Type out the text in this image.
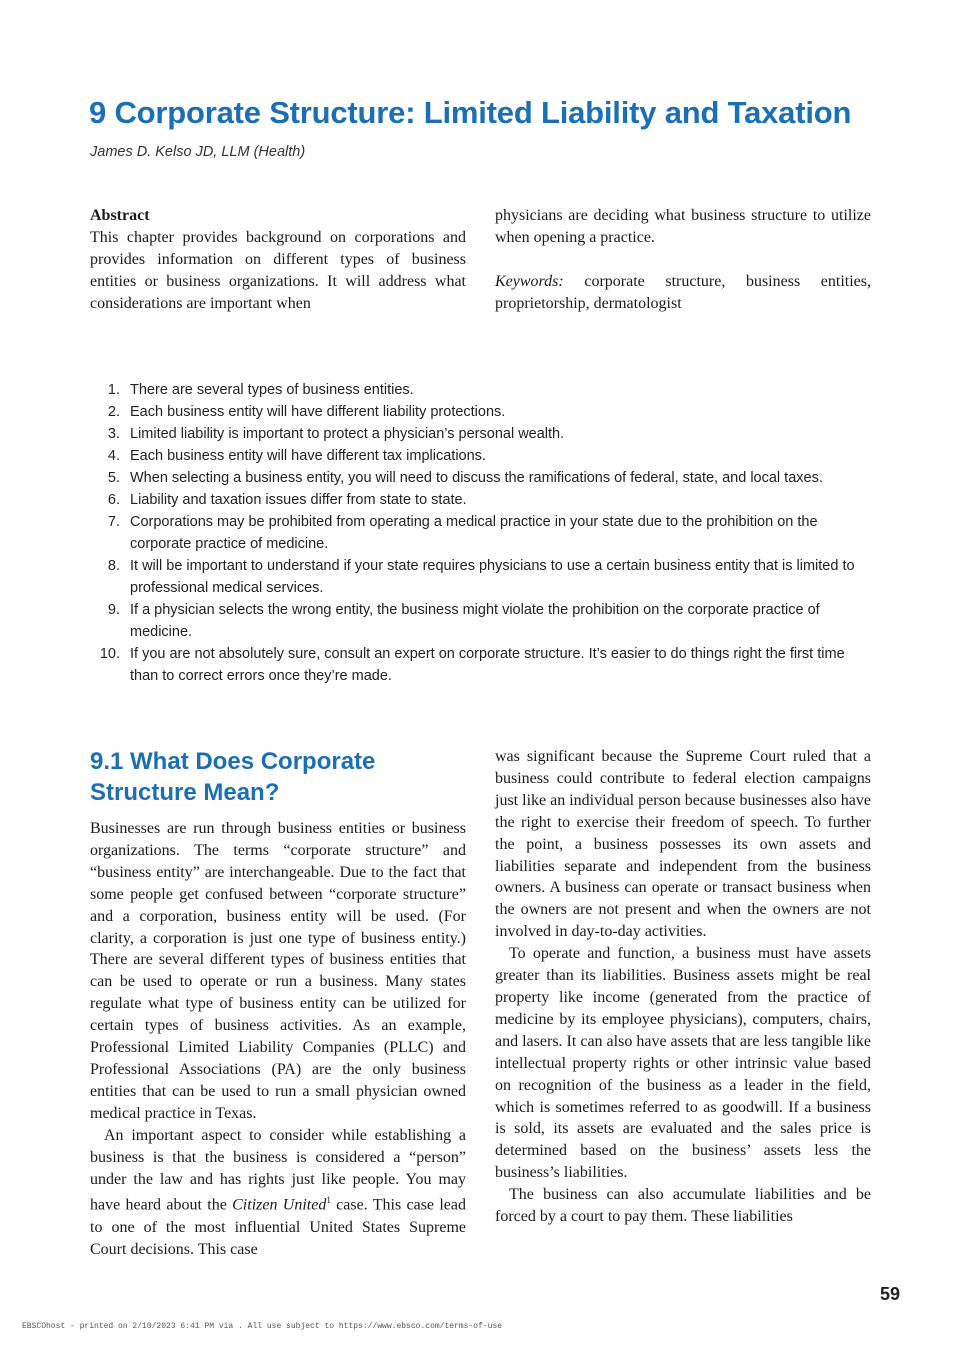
9 Corporate Structure: Limited Liability and Taxation
James D. Kelso JD, LLM (Health)
Abstract
This chapter provides background on corporations and provides information on different types of business entities or business organizations. It will address what considerations are important when
physicians are deciding what business structure to utilize when opening a practice.
Keywords: corporate structure, business entities, proprietorship, dermatologist
1. There are several types of business entities.
2. Each business entity will have different liability protections.
3. Limited liability is important to protect a physician’s personal wealth.
4. Each business entity will have different tax implications.
5. When selecting a business entity, you will need to discuss the ramifications of federal, state, and local taxes.
6. Liability and taxation issues differ from state to state.
7. Corporations may be prohibited from operating a medical practice in your state due to the prohibition on the corporate practice of medicine.
8. It will be important to understand if your state requires physicians to use a certain business entity that is limited to professional medical services.
9. If a physician selects the wrong entity, the business might violate the prohibition on the corporate practice of medicine.
10. If you are not absolutely sure, consult an expert on corporate structure. It’s easier to do things right the first time than to correct errors once they’re made.
9.1 What Does Corporate Structure Mean?

Businesses are run through business entities or business organizations. The terms “corporate structure” and “business entity” are interchangeable. Due to the fact that some people get confused between “corporate structure” and a corporation, business entity will be used. (For clarity, a corporation is just one type of business entity.) There are several different types of business entities that can be used to operate or run a business. Many states regulate what type of business entity can be utilized for certain types of business activities. As an example, Professional Limited Liability Companies (PLLC) and Professional Associations (PA) are the only business entities that can be used to run a small physician owned medical practice in Texas.

An important aspect to consider while establishing a business is that the business is considered a “person” under the law and has rights just like people. You may have heard about the Citizen United$^1$ case. This case lead to one of the most influential United States Supreme Court decisions. This case

was significant because the Supreme Court ruled that a business could contribute to federal election campaigns just like an individual person because businesses also have the right to exercise their freedom of speech. To further the point, a business possesses its own assets and liabilities separate and independent from the business owners. A business can operate or transact business when the owners are not present and when the owners are not involved in day-to-day activities.

To operate and function, a business must have assets greater than its liabilities. Business assets might be real property like income (generated from the practice of medicine by its employee physicians), computers, chairs, and lasers. It can also have assets that are less tangible like intellectual property rights or other intrinsic value based on recognition of the business as a leader in the field, which is sometimes referred to as goodwill. If a business is sold, its assets are evaluated and the sales price is determined based on the business’ assets less the business’s liabilities.

The business can also accumulate liabilities and be forced by a court to pay them. These liabilities

59
EBSCOhost - printed on 2/10/2023 6:41 PM via . All use subject to https://www.ebsco.com/terms-of-use
